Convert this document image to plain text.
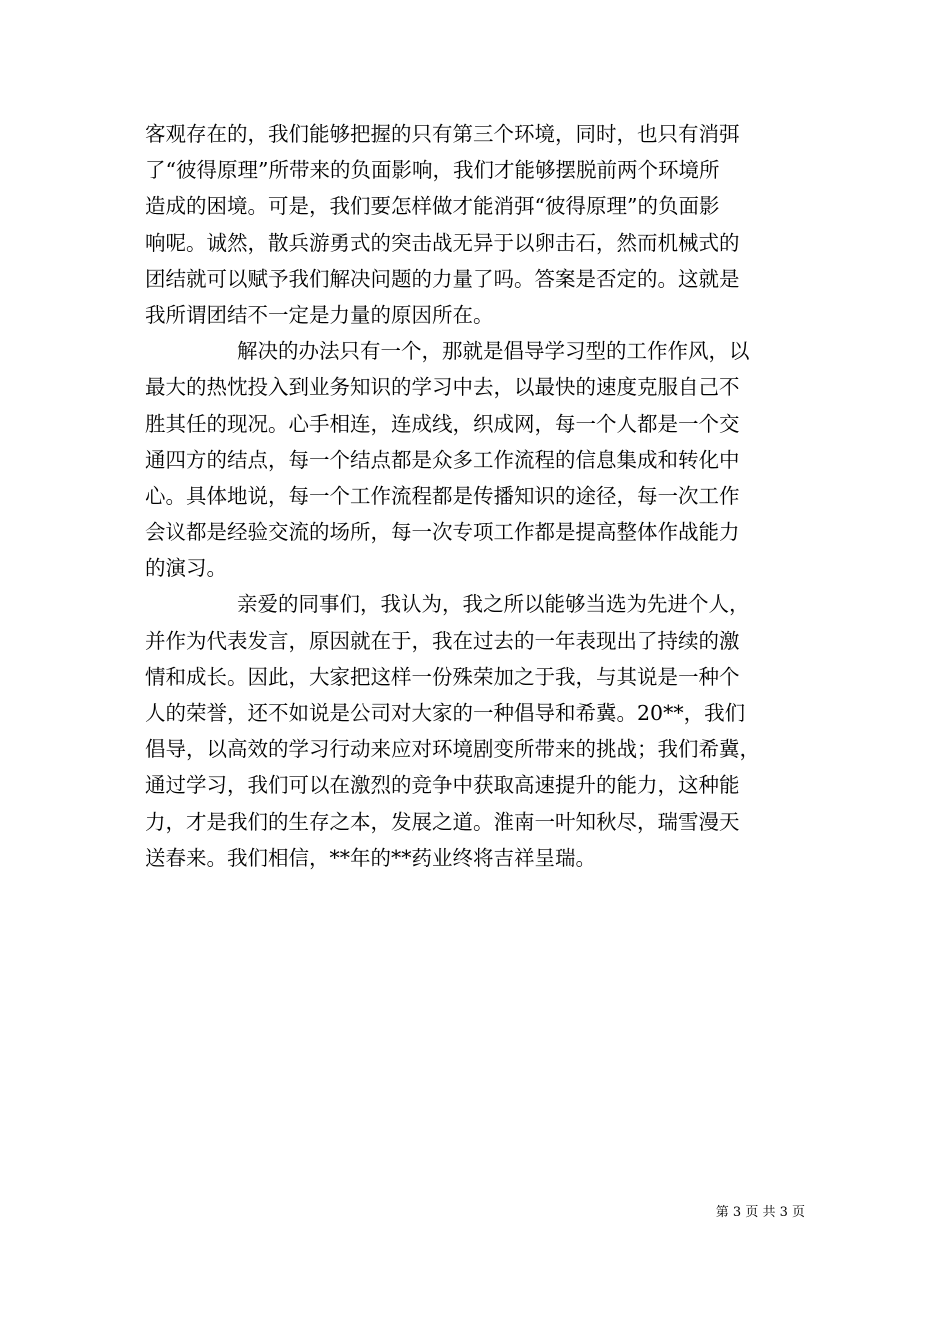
客观存在的，我们能够把握的只有第三个环境，同时，也只有消弭
了“彼得原理”所带来的负面影响，我们才能够摆脱前两个环境所
造成的困境。可是，我们要怎样做才能消弭“彼得原理”的负面影
响呢。诚然，散兵游勇式的突击战无异于以卵击石，然而机械式的
团结就可以赋予我们解决问题的力量了吗。答案是否定的。这就是
我所谓团结不一定是力量的原因所在。
解决的办法只有一个，那就是倡导学习型的工作作风，以
最大的热忱投入到业务知识的学习中去，以最快的速度克服自己不
胜其任的现况。心手相连，连成线，织成网，每一个人都是一个交
通四方的结点，每一个结点都是众多工作流程的信息集成和转化中
心。具体地说，每一个工作流程都是传播知识的途径，每一次工作
会议都是经验交流的场所，每一次专项工作都是提高整体作战能力
的演习。
亲爱的同事们，我认为，我之所以能够当选为先进个人，
并作为代表发言，原因就在于，我在过去的一年表现出了持续的激
情和成长。因此，大家把这样一份殊荣加之于我，与其说是一种个
人的荣誉，还不如说是公司对大家的一种倡导和希冀。20**，我们
倡导，以高效的学习行动来应对环境剧变所带来的挑战；我们希冀，
通过学习，我们可以在激烈的竞争中获取高速提升的能力，这种能
力，才是我们的生存之本，发展之道。淮南一叶知秋尽，瑞雪漫天
送春来。我们相信，**年的**药业终将吉祥呈瑞。
第 3 页 共 3 页
